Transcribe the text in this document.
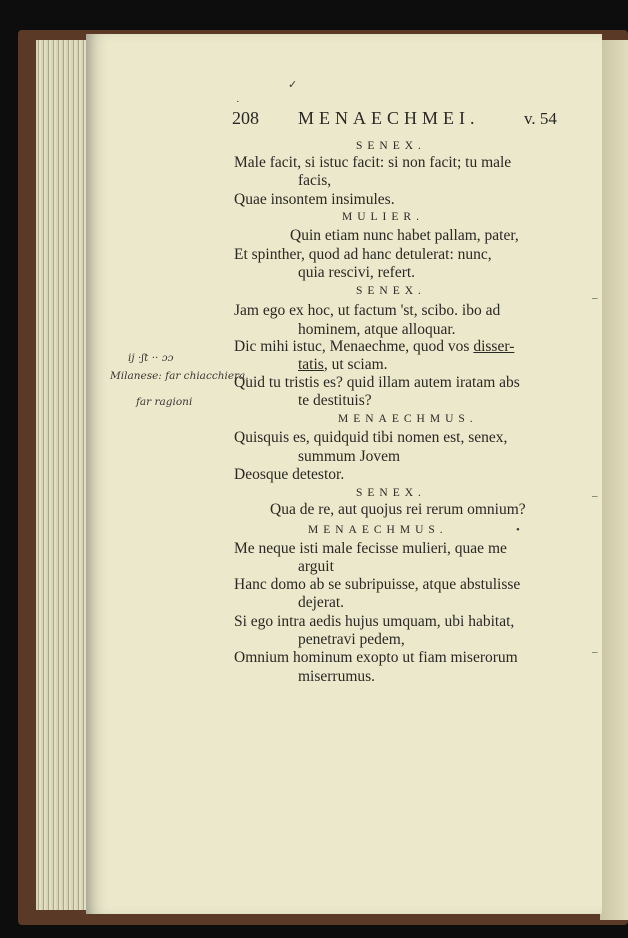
208 MENAECHMEI.	v. 54
SENEX.
Male facit, si istuc facit: si non facit; tu male
facis,
Quae insontem insimules.
MULIER.
Quin etiam nunc habet pallam, pater,
Et spinther, quod ad hanc detulerat: nunc,
quia rescivi, refert.
SENEX.
Jam ego ex hoc, ut factum 'st, scibo. ibo ad
hominem, atque alloquar.
Dic mihi istuc, Menaechme, quod vos disser-
tatis, ut sciam.
Quid tu tristis es? quid illam autem iratam abs
te destituis?
MENAECHMUS.
Quisquis es, quidquid tibi nomen est, senex,
summum Jovem
Deosque detestor.
SENEX.
Qua de re, aut quojus rei rerum omnium?
MENAECHMUS.
Me neque isti male fecisse mulieri, quae me
arguit
Hanc domo ab se subripuisse, atque abstulisse
dejerat.
Si ego intra aedis hujus umquam, ubi habitat,
penetravi pedem,
Omnium hominum exopto ut fiam miserorum
miserrumus.
ij ·ʃt ·· ɔɔ
Milanese: far chiacchiera.
far ragioni
✓
·
–
–
–
•
